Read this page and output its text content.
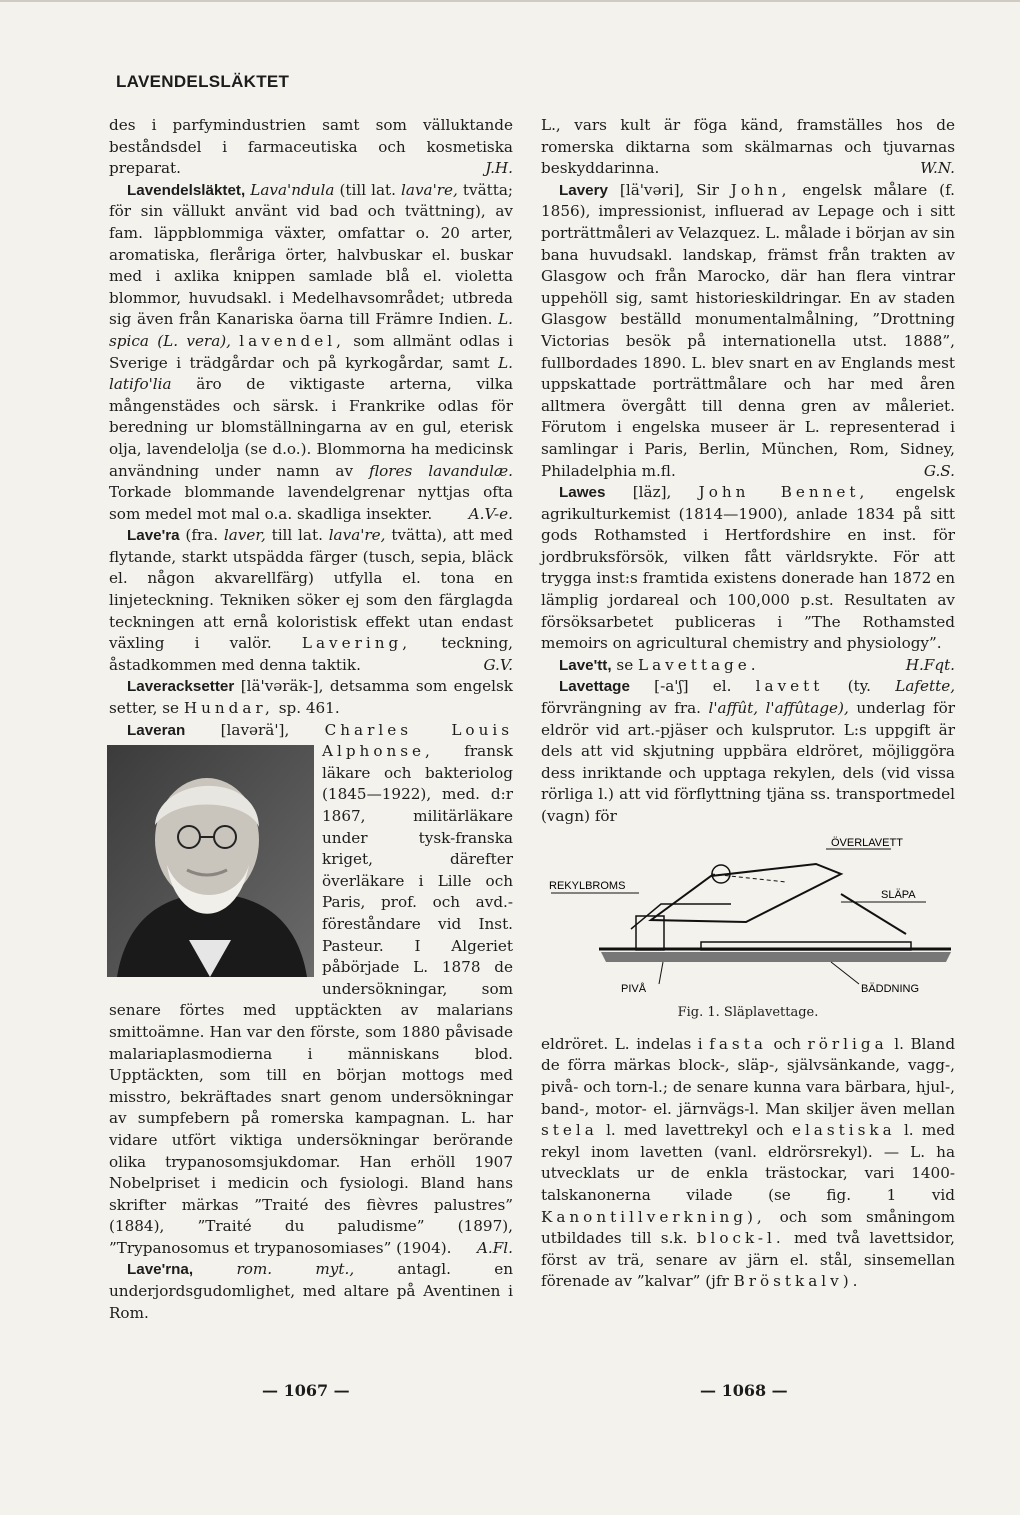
LAVENDELSLÄKTET

des i parfymindustrien samt som välluktande beståndsdel i farmaceutiska och kosmetiska preparat.	J.H.

Lavendelsläktet, Lava'ndula (till lat. lava're, tvätta; för sin vällukt använt vid bad och tvättning), av fam. läppblommiga växter, omfattar o. 20 arter, aromatiska, fleråriga örter, halvbuskar el. buskar med i axlika knippen samlade blå el. violetta blommor, huvudsakl. i Medelhavsområdet; utbreda sig även från Kanariska öarna till Främre Indien. L. spica (L. vera), lavendel, som allmänt odlas i Sverige i trädgårdar och på kyrkogårdar, samt L. latifo'lia äro de viktigaste arterna, vilka mångenstädes och särsk. i Frankrike odlas för beredning ur blomställningarna av en gul, eterisk olja, lavendelolja (se d.o.). Blommorna ha medicinsk användning under namn av flores lavandulæ. Torkade blommande lavendelgrenar nyttjas ofta som medel mot mal o.a. skadliga insekter.	A.V-e.

Lave'ra (fra. laver, till lat. lava're, tvätta), att med flytande, starkt utspädda färger (tusch, sepia, bläck el. någon akvarellfärg) utfylla el. tona en linjeteckning. Tekniken söker ej som den färglagda teckningen att ernå koloristisk effekt utan endast växling i valör. Lavering, teckning, åstadkommen med denna taktik.	G.V.

Laveracksetter [lä'vəräk-], detsamma som engelsk setter, se Hundar, sp. 461.

Laveran [lavərä'], Charles Louis Alphonse, fransk läkare och bakteriolog (1845—1922), med. d:r 1867, militärläkare under tysk-franska kriget, därefter överläkare i Lille och Paris, prof. och avd.-föreståndare vid Inst. Pasteur. I Algeriet påbörjade L. 1878 de undersökningar, som senare förtes med upptäckten av malarians smittoämne. Han var den förste, som 1880 påvisade malariaplasmodierna i människans blod. Upptäckten, som till en början mottogs med misstro, bekräftades snart genom undersökningar av sumpfebern på romerska kampagnan. L. har vidare utfört viktiga undersökningar berörande olika trypanosomsjukdomar. Han erhöll 1907 Nobelpriset i medicin och fysiologi. Bland hans skrifter märkas ”Traité des fièvres palustres” (1884), ”Traité du paludisme” (1897), ”Trypanosomus et trypanosomiases” (1904).	A.Fl.

Lave'rna,	rom. myt.,	antagl. en underjordsgudomlighet, med altare på Aventinen i Rom.

L., vars kult är föga känd, framställes hos de romerska diktarna som skälmarnas och tjuvarnas beskyddarinna.	W.N.

Lavery [lä'vəri], Sir John, engelsk målare (f. 1856), impressionist, influerad av Lepage och i sitt porträttmåleri av Velazquez. L. målade i början av sin bana huvudsakl. landskap, främst från trakten av Glasgow och från Marocko, där han flera vintrar uppehöll sig, samt historieskildringar. En av staden Glasgow beställd monumentalmålning, ”Drottning Victorias besök på internationella utst. 1888”, fullbordades 1890. L. blev snart en av Englands mest uppskattade porträttmålare och har med åren alltmera övergått till denna gren av måleriet. Förutom i engelska museer är L. representerad i samlingar i Paris, Berlin, München, Rom, Sidney, Philadelphia m.fl.	G.S.

Lawes [läz], John Bennet, engelsk agrikulturkemist (1814—1900), anlade 1834 på sitt gods Rothamsted i Hertfordshire en inst. för jordbruksförsök, vilken fått världsrykte. För att trygga inst:s framtida existens donerade han 1872 en lämplig jordareal och 100,000 p.st. Resultaten av försöksarbetet publiceras i ”The Rothamsted memoirs on agricultural chemistry and physiology”.
H.Fqt.

Lave'tt, se Lavettage.

Lavettage [-a'ʃ] el. lavett (ty. Lafette, förvrängning av fra. l'affût, l'affûtage), underlag för eldrör vid art.-pjäser och kulsprutor. L:s uppgift är dels att vid skjutning uppbära eldröret, möjliggöra dess inriktande och upptaga rekylen, dels (vid vissa rörliga l.) att vid förflyttning tjäna ss. transportmedel (vagn) för

ÖVERLAVETT
REKYLBROMS
SLÄPA
PIVÅ	BÄDDNING
Fig. 1. Släplavettage.

eldröret. L. indelas i fasta och rörliga l. Bland de förra märkas block-, släp-, självsänkande, vagg-, pivå- och torn-l.; de senare kunna vara bärbara, hjul-, band-, motor- el. järnvägs-l. Man skiljer även mellan stela l. med lavettrekyl och elastiska l. med rekyl inom lavetten (vanl. eldrörsrekyl). — L. ha utvecklats ur de enkla trästockar, vari 1400-talskanonerna vilade (se fig. 1 vid Kanontillverkning), och som småningom utbildades till s.k. block-l. med två lavettsidor, först av trä, senare av järn el. stål, sinsemellan förenade av ”kalvar” (jfr Bröstkalv).

— 1067 —	— 1068 —
